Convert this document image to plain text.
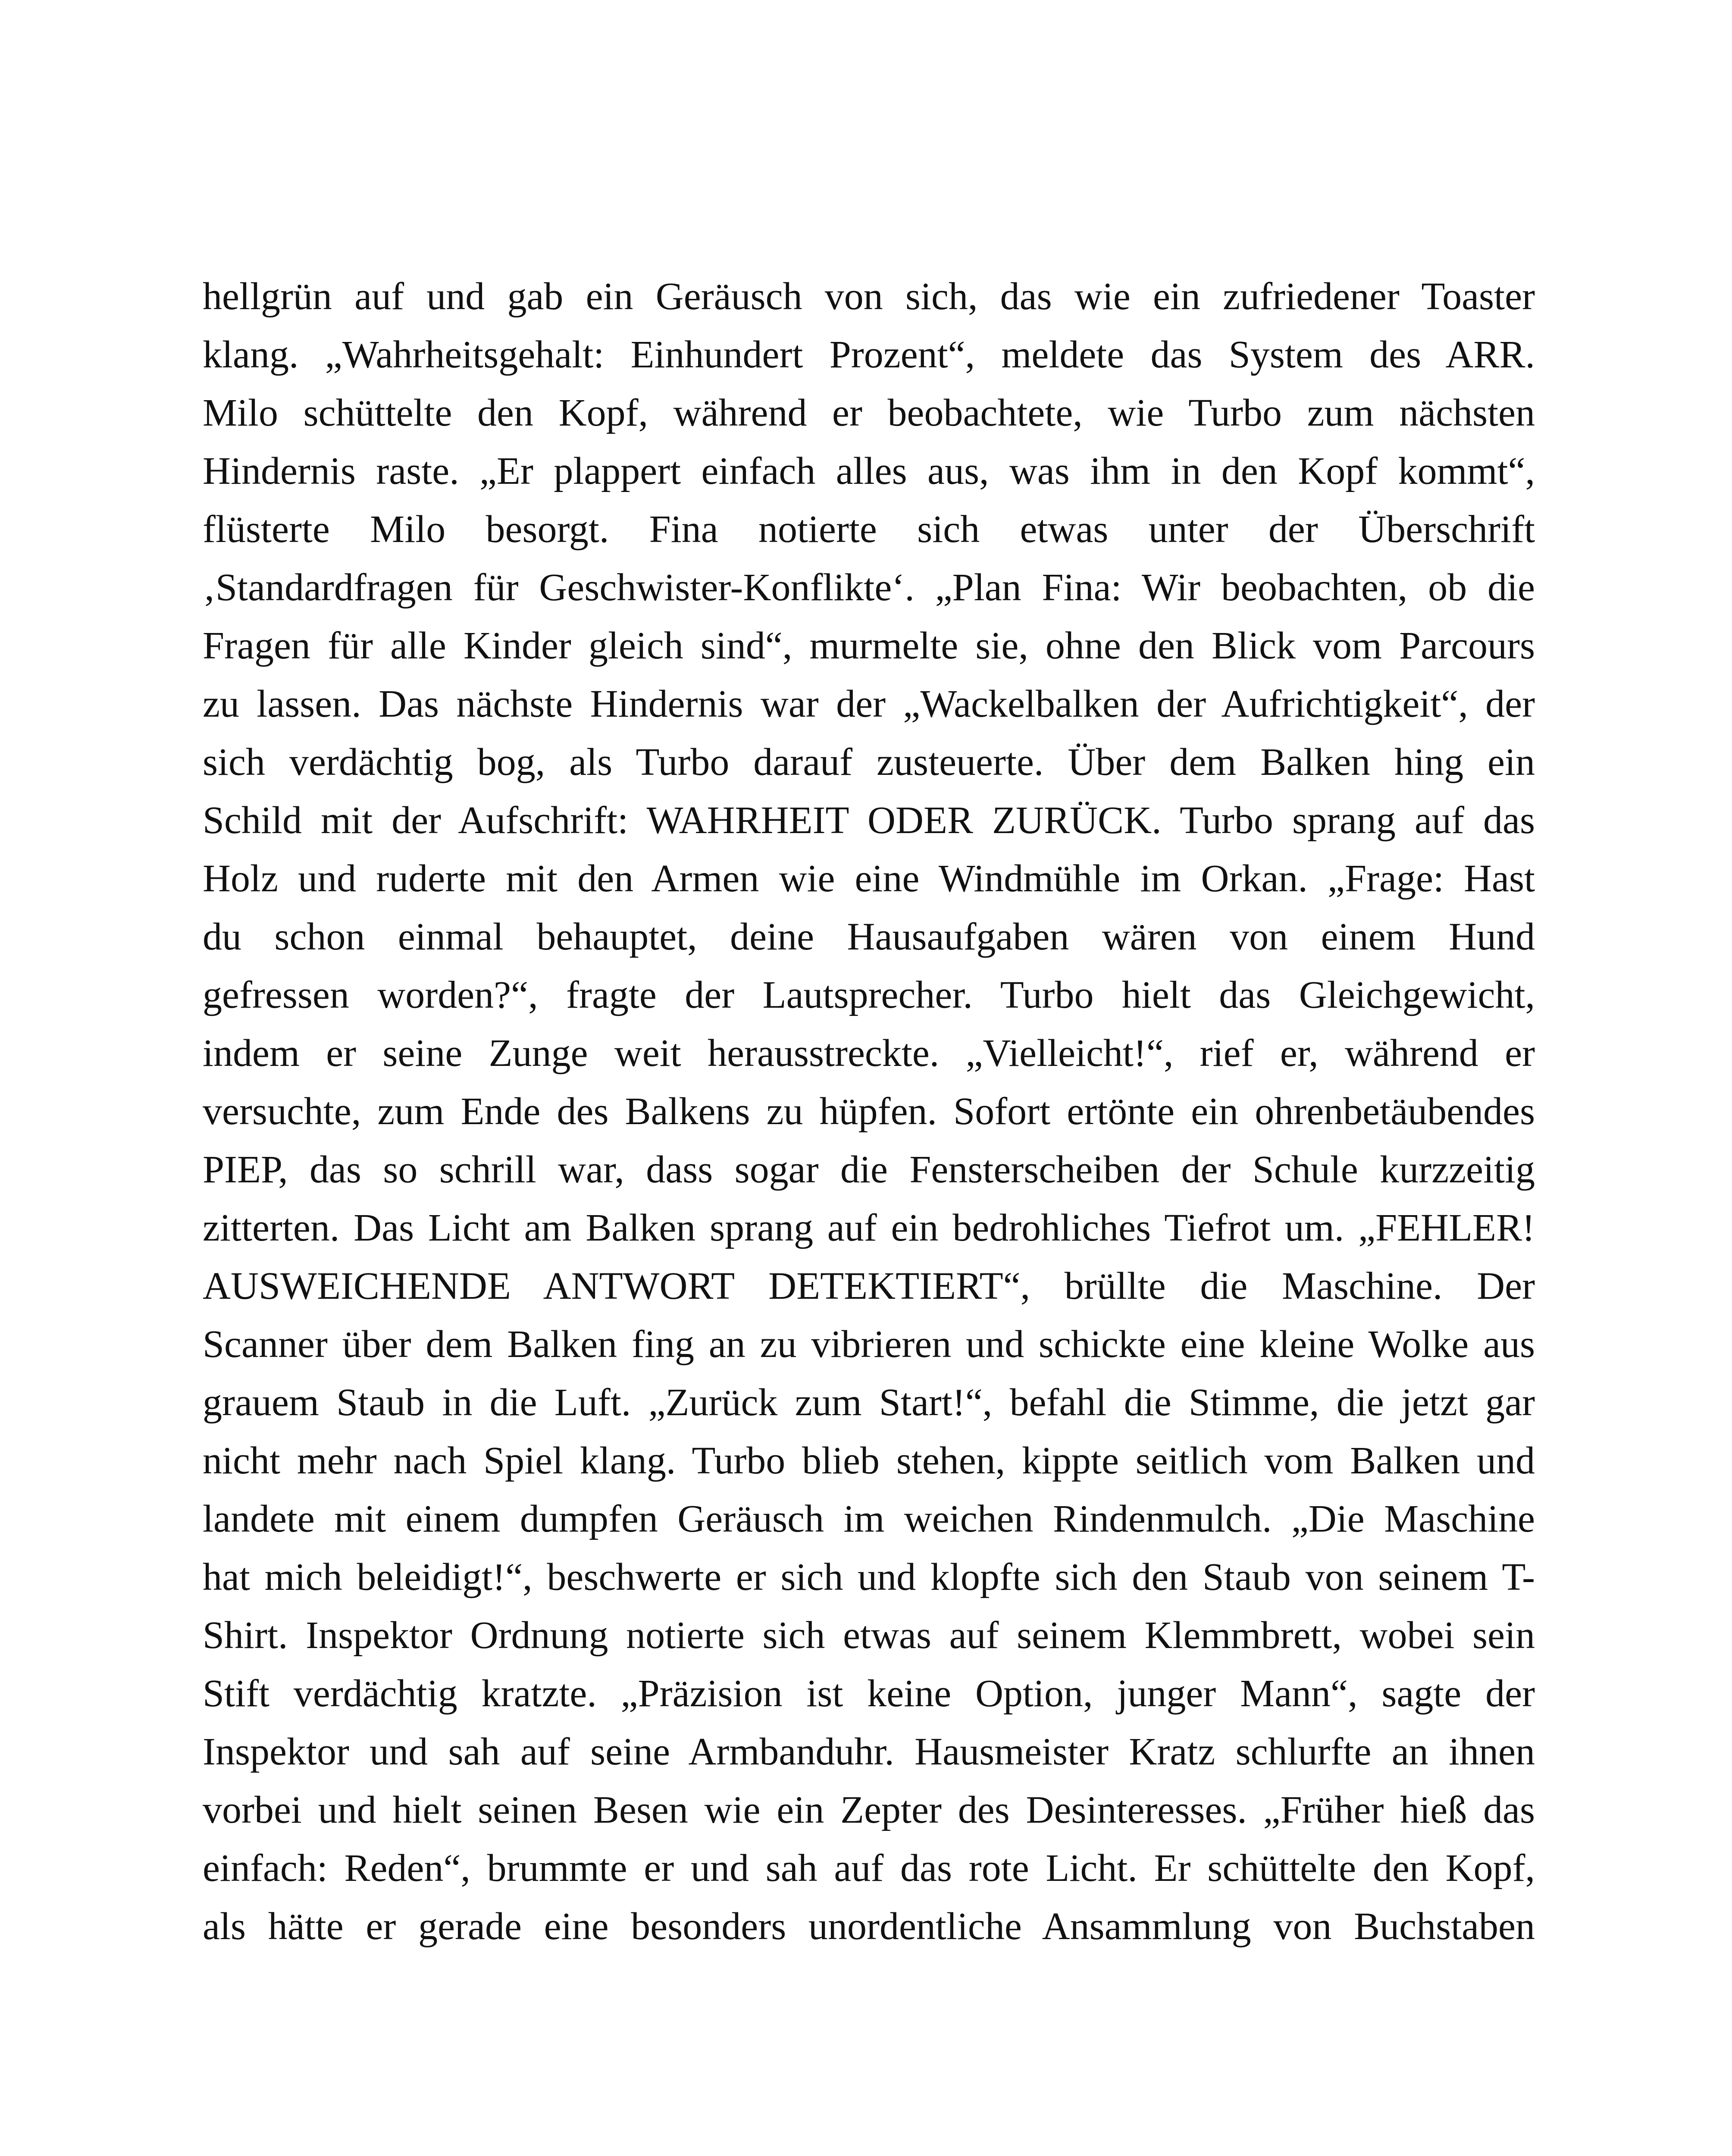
hellgrün auf und gab ein Geräusch von sich, das wie ein zufriedener Toaster
klang. „Wahrheitsgehalt: Einhundert Prozent“, meldete das System des ARR.
Milo schüttelte den Kopf, während er beobachtete, wie Turbo zum nächsten
Hindernis raste. „Er plappert einfach alles aus, was ihm in den Kopf kommt“,
flüsterte Milo besorgt. Fina notierte sich etwas unter der Überschrift
‚Standardfragen für Geschwister-Konflikte‘. „Plan Fina: Wir beobachten, ob die
Fragen für alle Kinder gleich sind“, murmelte sie, ohne den Blick vom Parcours
zu lassen. Das nächste Hindernis war der „Wackelbalken der Aufrichtigkeit“, der
sich verdächtig bog, als Turbo darauf zusteuerte. Über dem Balken hing ein
Schild mit der Aufschrift: WAHRHEIT ODER ZURÜCK. Turbo sprang auf das
Holz und ruderte mit den Armen wie eine Windmühle im Orkan. „Frage: Hast
du schon einmal behauptet, deine Hausaufgaben wären von einem Hund
gefressen worden?“, fragte der Lautsprecher. Turbo hielt das Gleichgewicht,
indem er seine Zunge weit herausstreckte. „Vielleicht!“, rief er, während er
versuchte, zum Ende des Balkens zu hüpfen. Sofort ertönte ein ohrenbetäubendes
PIEP, das so schrill war, dass sogar die Fensterscheiben der Schule kurzzeitig
zitterten. Das Licht am Balken sprang auf ein bedrohliches Tiefrot um. „FEHLER!
AUSWEICHENDE ANTWORT DETEKTIERT“, brüllte die Maschine. Der
Scanner über dem Balken fing an zu vibrieren und schickte eine kleine Wolke aus
grauem Staub in die Luft. „Zurück zum Start!“, befahl die Stimme, die jetzt gar
nicht mehr nach Spiel klang. Turbo blieb stehen, kippte seitlich vom Balken und
landete mit einem dumpfen Geräusch im weichen Rindenmulch. „Die Maschine
hat mich beleidigt!“, beschwerte er sich und klopfte sich den Staub von seinem T-
Shirt. Inspektor Ordnung notierte sich etwas auf seinem Klemmbrett, wobei sein
Stift verdächtig kratzte. „Präzision ist keine Option, junger Mann“, sagte der
Inspektor und sah auf seine Armbanduhr. Hausmeister Kratz schlurfte an ihnen
vorbei und hielt seinen Besen wie ein Zepter des Desinteresses. „Früher hieß das
einfach: Reden“, brummte er und sah auf das rote Licht. Er schüttelte den Kopf,
als hätte er gerade eine besonders unordentliche Ansammlung von Buchstaben
